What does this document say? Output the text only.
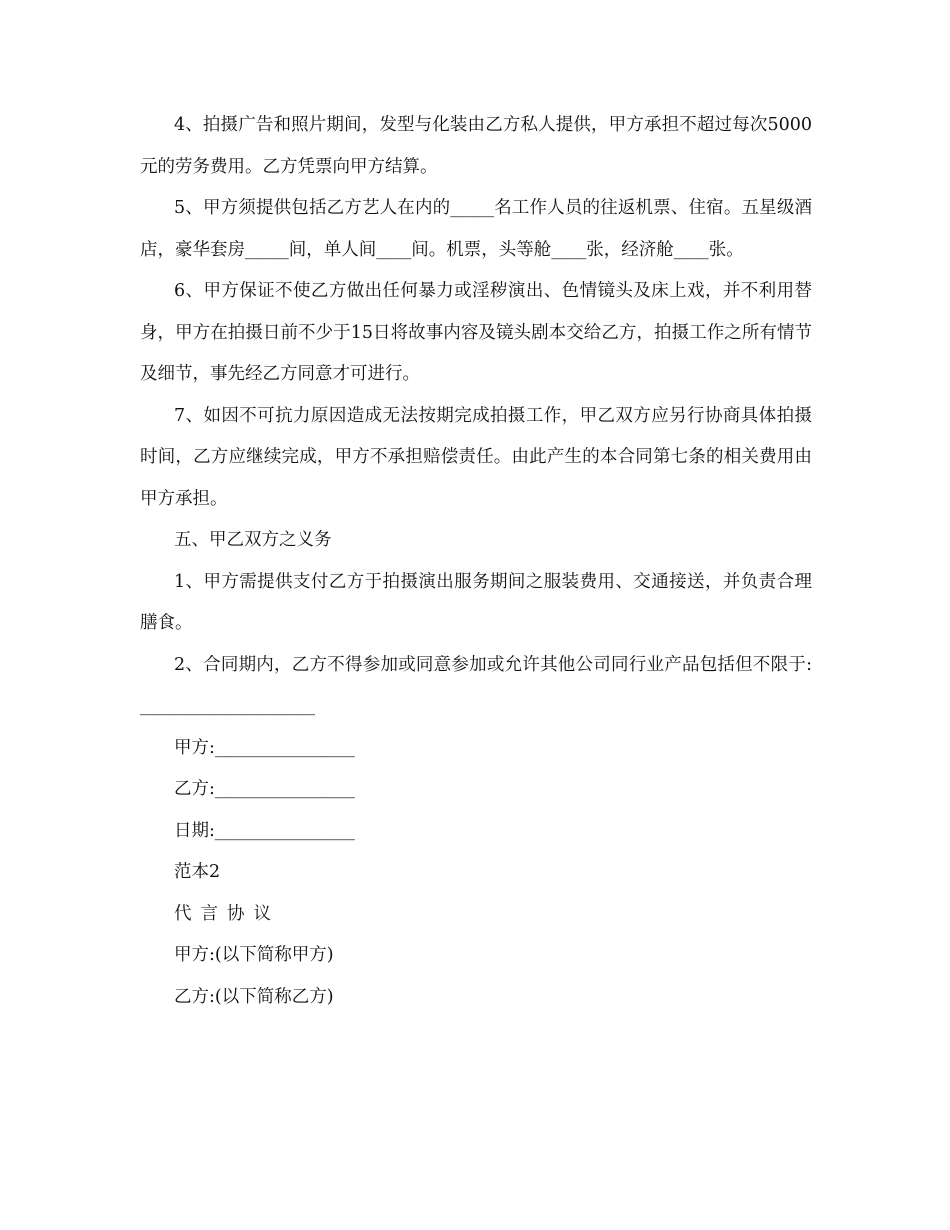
4、拍摄广告和照片期间，发型与化装由乙方私人提供，甲方承担不超过每次5000元的劳务费用。乙方凭票向甲方结算。

5、甲方须提供包括乙方艺人在内的_____名工作人员的往返机票、住宿。五星级酒店，豪华套房_____间，单人间____间。机票，头等舱____张，经济舱____张。

6、甲方保证不使乙方做出任何暴力或淫秽演出、色情镜头及床上戏，并不利用替身，甲方在拍摄日前不少于15日将故事内容及镜头剧本交给乙方，拍摄工作之所有情节及细节，事先经乙方同意才可进行。

7、如因不可抗力原因造成无法按期完成拍摄工作，甲乙双方应另行协商具体拍摄时间，乙方应继续完成，甲方不承担赔偿责任。由此产生的本合同第七条的相关费用由甲方承担。

五、甲乙双方之义务

1、甲方需提供支付乙方于拍摄演出服务期间之服装费用、交通接送，并负责合理膳食。

2、合同期内，乙方不得参加或同意参加或允许其他公司同行业产品包括但不限于:____________________

甲方:________________

乙方:________________

日期:________________

范本2

代言协议

甲方:(以下简称甲方)

乙方:(以下简称乙方)
